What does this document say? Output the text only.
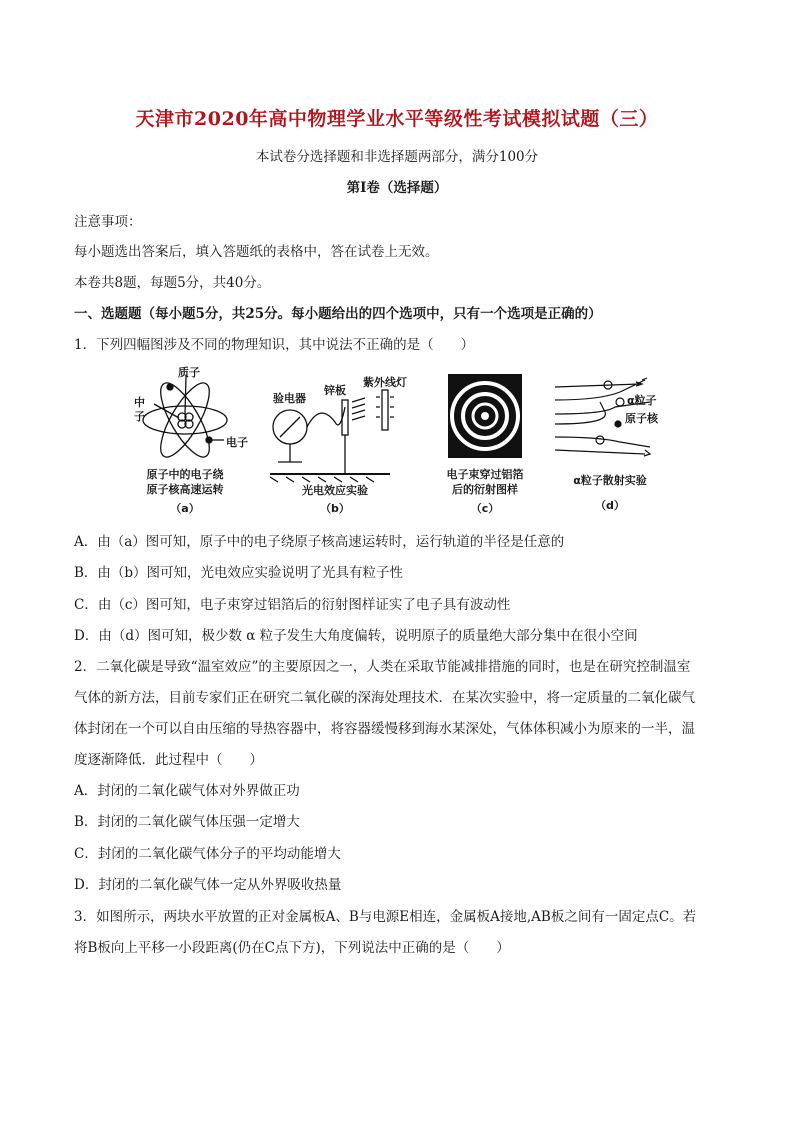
天津市2020年高中物理学业水平等级性考试模拟试题（三）
本试卷分选择题和非选择题两部分，满分100分
第Ⅰ卷（选择题）
注意事项：
每小题选出答案后，填入答题纸的表格中，答在试卷上无效。
本卷共8题，每题5分，共40分。
一、选题题（每小题5分，共25分。每小题给出的四个选项中，只有一个选项是正确的）
1．下列四幅图涉及不同的物理知识，其中说法不正确的是（　　）
质子
中
子
电子
原子中的电子绕
原子核高速运转
（a）
验电器
锌板
紫外线灯
光电效应实验
（b）
电子束穿过铝箔
后的衍射图样
（c）
α粒子
原子核
α粒子散射实验
（d）
A．由（a）图可知，原子中的电子绕原子核高速运转时，运行轨道的半径是任意的
B．由（b）图可知，光电效应实验说明了光具有粒子性
C．由（c）图可知，电子束穿过铝箔后的衍射图样证实了电子具有波动性
D．由（d）图可知，极少数 α 粒子发生大角度偏转，说明原子的质量绝大部分集中在很小空间
2．二氧化碳是导致“温室效应”的主要原因之一，人类在采取节能减排措施的同时，也是在研究控制温室
气体的新方法，目前专家们正在研究二氧化碳的深海处理技术．在某次实验中，将一定质量的二氧化碳气
体封闭在一个可以自由压缩的导热容器中，将容器缓慢移到海水某深处，气体体积减小为原来的一半，温
度逐渐降低．此过程中（　　）
A．封闭的二氧化碳气体对外界做正功
B．封闭的二氧化碳气体压强一定增大
C．封闭的二氧化碳气体分子的平均动能增大
D．封闭的二氧化碳气体一定从外界吸收热量
3．如图所示，两块水平放置的正对金属板A、B与电源E相连，金属板A接地,AB板之间有一固定点C。若
将B板向上平移一小段距离(仍在C点下方)，下列说法中正确的是（　　）
